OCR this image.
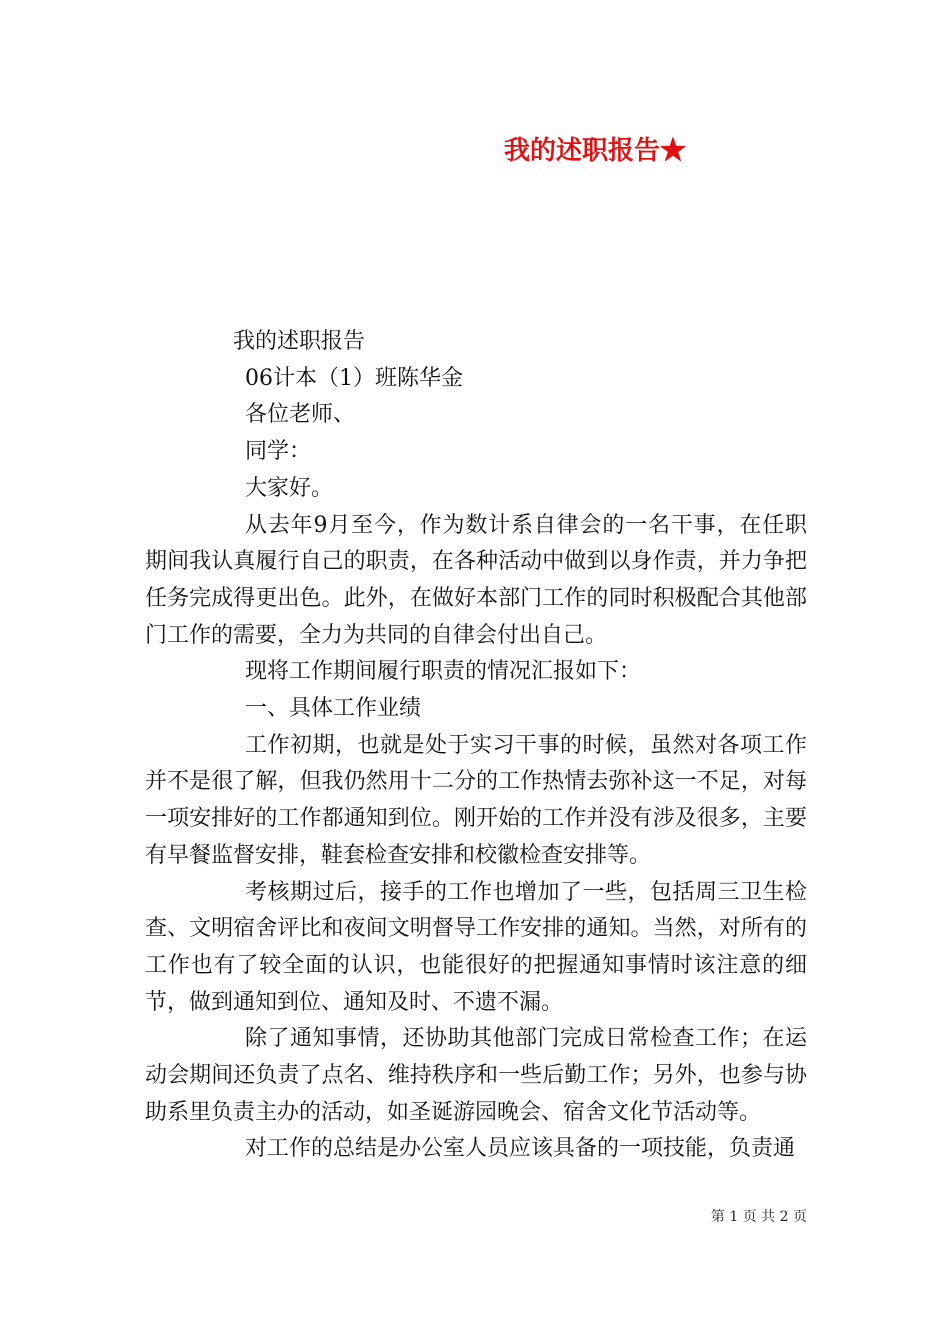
我的述职报告★
我的述职报告
06计本（1）班陈华金
各位老师、
同学：
大家好。

从去年9月至今，作为数计系自律会的一名干事，在任职期间我认真履行自己的职责，在各种活动中做到以身作责，并力争把任务完成得更出色。此外，在做好本部门工作的同时积极配合其他部门工作的需要，全力为共同的自律会付出自己。

现将工作期间履行职责的情况汇报如下：
一、具体工作业绩

工作初期，也就是处于实习干事的时候，虽然对各项工作并不是很了解，但我仍然用十二分的工作热情去弥补这一不足，对每一项安排好的工作都通知到位。刚开始的工作并没有涉及很多，主要有早餐监督安排，鞋套检查安排和校徽检查安排等。

考核期过后，接手的工作也增加了一些，包括周三卫生检查、文明宿舍评比和夜间文明督导工作安排的通知。当然，对所有的工作也有了较全面的认识，也能很好的把握通知事情时该注意的细节，做到通知到位、通知及时、不遗不漏。

除了通知事情，还协助其他部门完成日常检查工作；在运动会期间还负责了点名、维持秩序和一些后勤工作；另外，也参与协助系里负责主办的活动，如圣诞游园晚会、宿舍文化节活动等。

对工作的总结是办公室人员应该具备的一项技能，负责通

第 1 页 共 2 页
